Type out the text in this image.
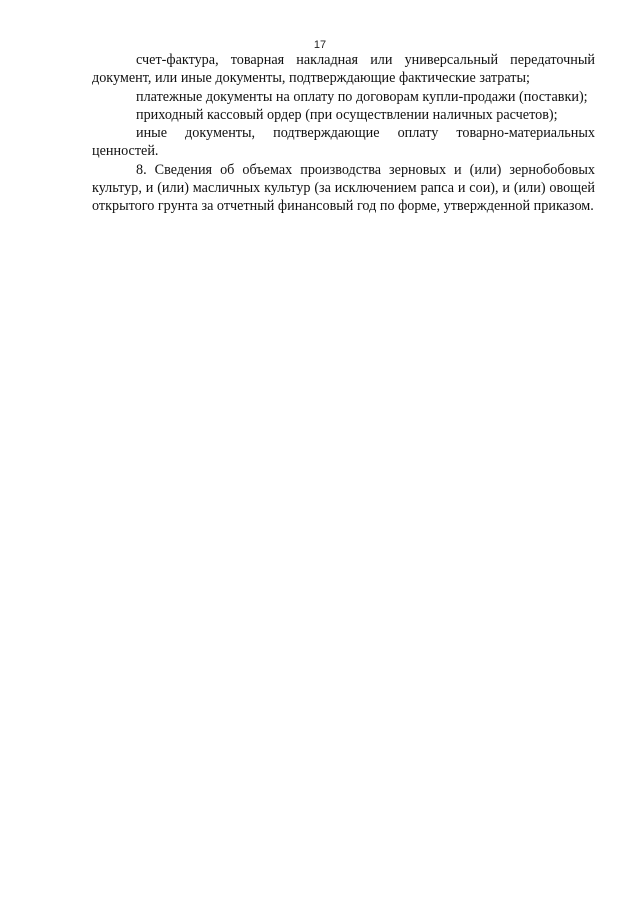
17

счет-фактура, товарная накладная или универсальный передаточный документ, или иные документы, подтверждающие фактические затраты;

платежные документы на оплату по договорам купли-продажи (поставки);

приходный кассовый ордер (при осуществлении наличных расчетов);

иные документы, подтверждающие оплату товарно-материальных ценностей.

8. Сведения об объемах производства зерновых и (или) зернобобовых культур, и (или) масличных культур (за исключением рапса и сои), и (или) овощей открытого грунта за отчетный финансовый год по форме, утвержденной приказом.
